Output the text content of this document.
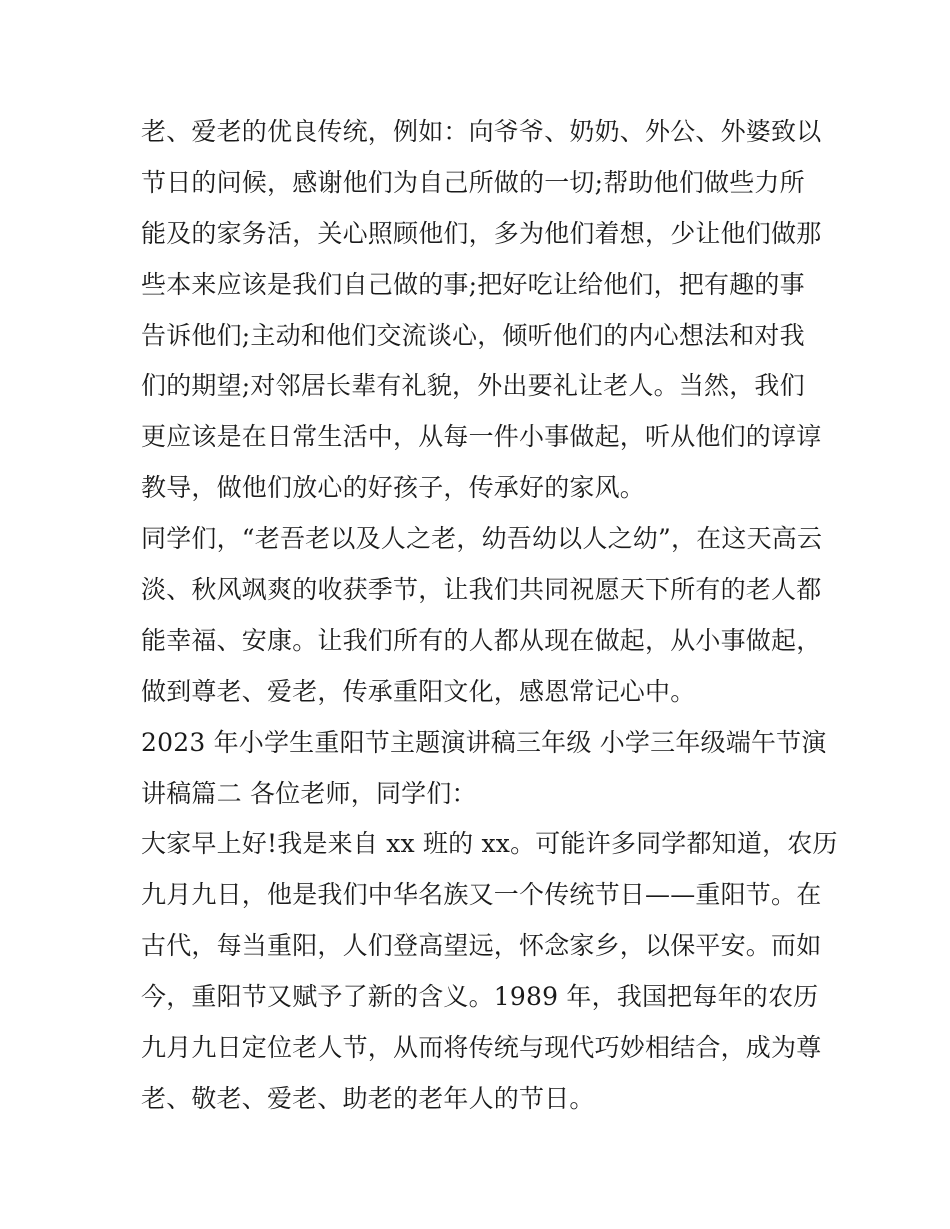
老、爱老的优良传统，例如：向爷爷、奶奶、外公、外婆致以
节日的问候，感谢他们为自己所做的一切;帮助他们做些力所
能及的家务活，关心照顾他们，多为他们着想，少让他们做那
些本来应该是我们自己做的事;把好吃让给他们，把有趣的事
告诉他们;主动和他们交流谈心，倾听他们的内心想法和对我
们的期望;对邻居长辈有礼貌，外出要礼让老人。当然，我们
更应该是在日常生活中，从每一件小事做起，听从他们的谆谆
教导，做他们放心的好孩子，传承好的家风。
同学们，“老吾老以及人之老，幼吾幼以人之幼”，在这天高云
淡、秋风飒爽的收获季节，让我们共同祝愿天下所有的老人都
能幸福、安康。让我们所有的人都从现在做起，从小事做起，
做到尊老、爱老，传承重阳文化，感恩常记心中。
2023 年小学生重阳节主题演讲稿三年级 小学三年级端午节演
讲稿篇二 各位老师，同学们：
大家早上好!我是来自 xx 班的 xx。可能许多同学都知道，农历
九月九日，他是我们中华名族又一个传统节日——重阳节。在
古代，每当重阳，人们登高望远，怀念家乡，以保平安。而如
今，重阳节又赋予了新的含义。1989 年，我国把每年的农历
九月九日定位老人节，从而将传统与现代巧妙相结合，成为尊
老、敬老、爱老、助老的老年人的节日。
